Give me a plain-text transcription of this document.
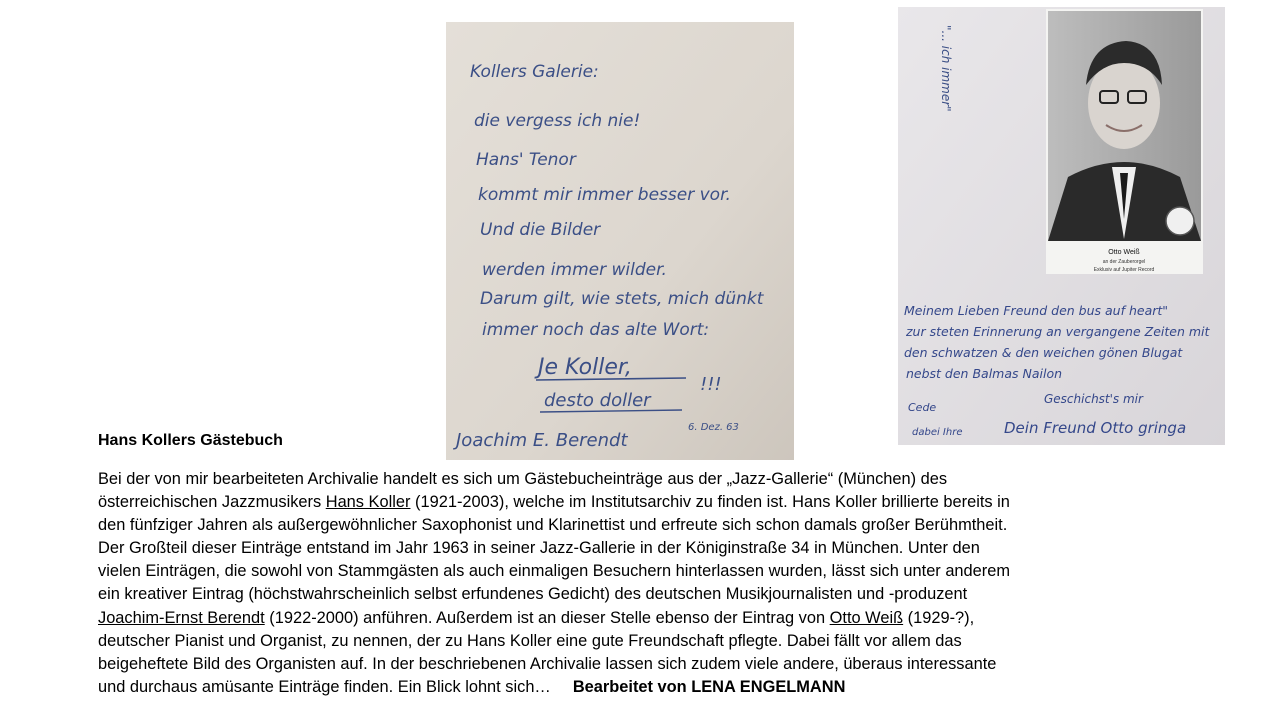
Kollers Galerie:
die vergess ich nie!
Hans' Tenor
kommt mir immer besser vor.
Und die Bilder
werden immer wilder.
Darum gilt, wie stets, mich dünkt
immer noch das alte Wort:
Je Koller,
desto doller
!!!
6. Dez. 63
Joachim E. Berendt
Otto Weiß
an der Zauberorgel
Exklusiv auf Jupiter Record
"... ich immer"
Meinem Lieben Freund den bus auf heart"
zur steten Erinnerung an vergangene Zeiten mit
den schwatzen & den weichen gönen Blugat
nebst den Balmas Nailon
Cede
Geschichst's mir
dabei Ihre	Dein Freund Otto gringa
Hans Kollers Gästebuch

Bei der von mir bearbeiteten Archivalie handelt es sich um Gästebucheinträge aus der „Jazz-Gallerie“ (München) des
österreichischen Jazzmusikers Hans Koller (1921-2003), welche im Institutsarchiv zu finden ist. Hans Koller brillierte bereits in
den fünfziger Jahren als außergewöhnlicher Saxophonist und Klarinettist und erfreute sich schon damals großer Berühmtheit.
Der Großteil dieser Einträge entstand im Jahr 1963 in seiner Jazz-Gallerie in der Königinstraße 34 in München. Unter den
vielen Einträgen, die sowohl von Stammgästen als auch einmaligen Besuchern hinterlassen wurden, lässt sich unter anderem
ein kreativer Eintrag (höchstwahrscheinlich selbst erfundenes Gedicht) des deutschen Musikjournalisten und -produzent
Joachim-Ernst Berendt (1922-2000) anführen. Außerdem ist an dieser Stelle ebenso der Eintrag von Otto Weiß (1929-?),
deutscher Pianist und Organist, zu nennen, der zu Hans Koller eine gute Freundschaft pflegte. Dabei fällt vor allem das
beigeheftete Bild des Organisten auf. In der beschriebenen Archivalie lassen sich zudem viele andere, überaus interessante
und durchaus amüsante Einträge finden. Ein Blick lohnt sich… Bearbeitet von LENA ENGELMANN
